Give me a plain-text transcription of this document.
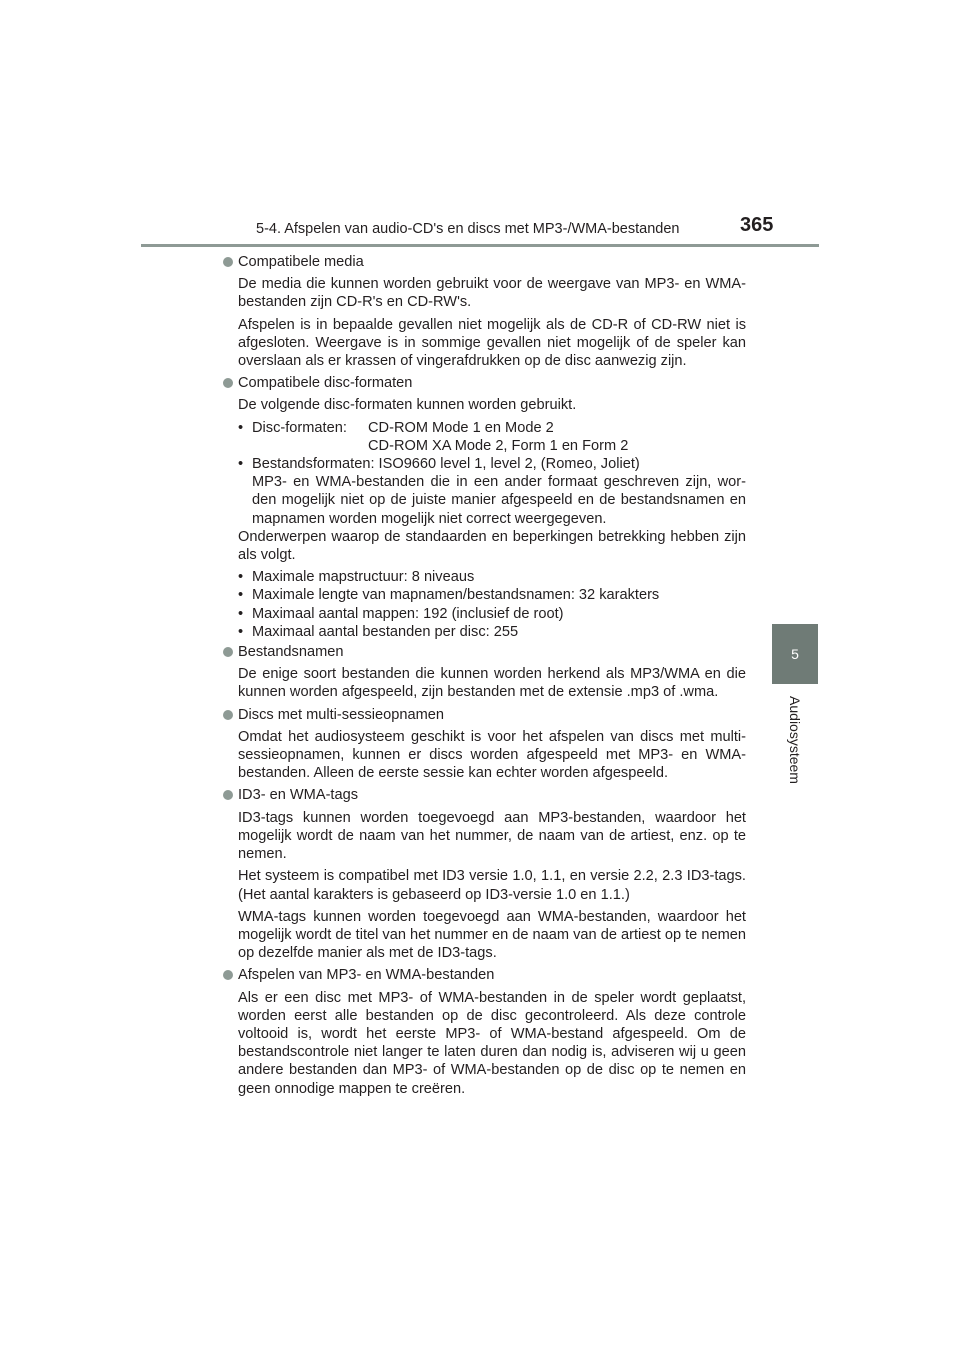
5-4. Afspelen van audio-CD's en discs met MP3-/WMA-bestanden	365
5
Audiosysteem

Compatibele media

De media die kunnen worden gebruikt voor de weergave van MP3- en WMA-bestanden zijn CD-R's en CD-RW's.

Afspelen is in bepaalde gevallen niet mogelijk als de CD-R of CD-RW niet is afgesloten. Weergave is in sommige gevallen niet mogelijk of de speler kan overslaan als er krassen of vingerafdrukken op de disc aanwezig zijn.

Compatibele disc-formaten

De volgende disc-formaten kunnen worden gebruikt.

• Disc-formaten:	CD-ROM Mode 1 en Mode 2
CD-ROM XA Mode 2, Form 1 en Form 2
• Bestandsformaten: ISO9660 level 1, level 2, (Romeo, Joliet)
MP3- en WMA-bestanden die in een ander formaat geschreven zijn, wor-den mogelijk niet op de juiste manier afgespeeld en de bestandsnamen en mapnamen worden mogelijk niet correct weergegeven.

Onderwerpen waarop de standaarden en beperkingen betrekking hebben zijn als volgt.

• Maximale mapstructuur: 8 niveaus
• Maximale lengte van mapnamen/bestandsnamen: 32 karakters
• Maximaal aantal mappen: 192 (inclusief de root)
• Maximaal aantal bestanden per disc: 255

Bestandsnamen

De enige soort bestanden die kunnen worden herkend als MP3/WMA en die kunnen worden afgespeeld, zijn bestanden met de extensie .mp3 of .wma.

Discs met multi-sessieopnamen

Omdat het audiosysteem geschikt is voor het afspelen van discs met multi-sessieopnamen, kunnen er discs worden afgespeeld met MP3- en WMA-bestanden. Alleen de eerste sessie kan echter worden afgespeeld.

ID3- en WMA-tags

ID3-tags kunnen worden toegevoegd aan MP3-bestanden, waardoor het mogelijk wordt de naam van het nummer, de naam van de artiest, enz. op te nemen.

Het systeem is compatibel met ID3 versie 1.0, 1.1, en versie 2.2, 2.3 ID3-tags. (Het aantal karakters is gebaseerd op ID3-versie 1.0 en 1.1.)

WMA-tags kunnen worden toegevoegd aan WMA-bestanden, waardoor het mogelijk wordt de titel van het nummer en de naam van de artiest op te nemen op dezelfde manier als met de ID3-tags.

Afspelen van MP3- en WMA-bestanden

Als er een disc met MP3- of WMA-bestanden in de speler wordt geplaatst, worden eerst alle bestanden op de disc gecontroleerd. Als deze controle voltooid is, wordt het eerste MP3- of WMA-bestand afgespeeld. Om de bestandscontrole niet langer te laten duren dan nodig is, adviseren wij u geen andere bestanden dan MP3- of WMA-bestanden op de disc op te nemen en geen onnodige mappen te creëren.
